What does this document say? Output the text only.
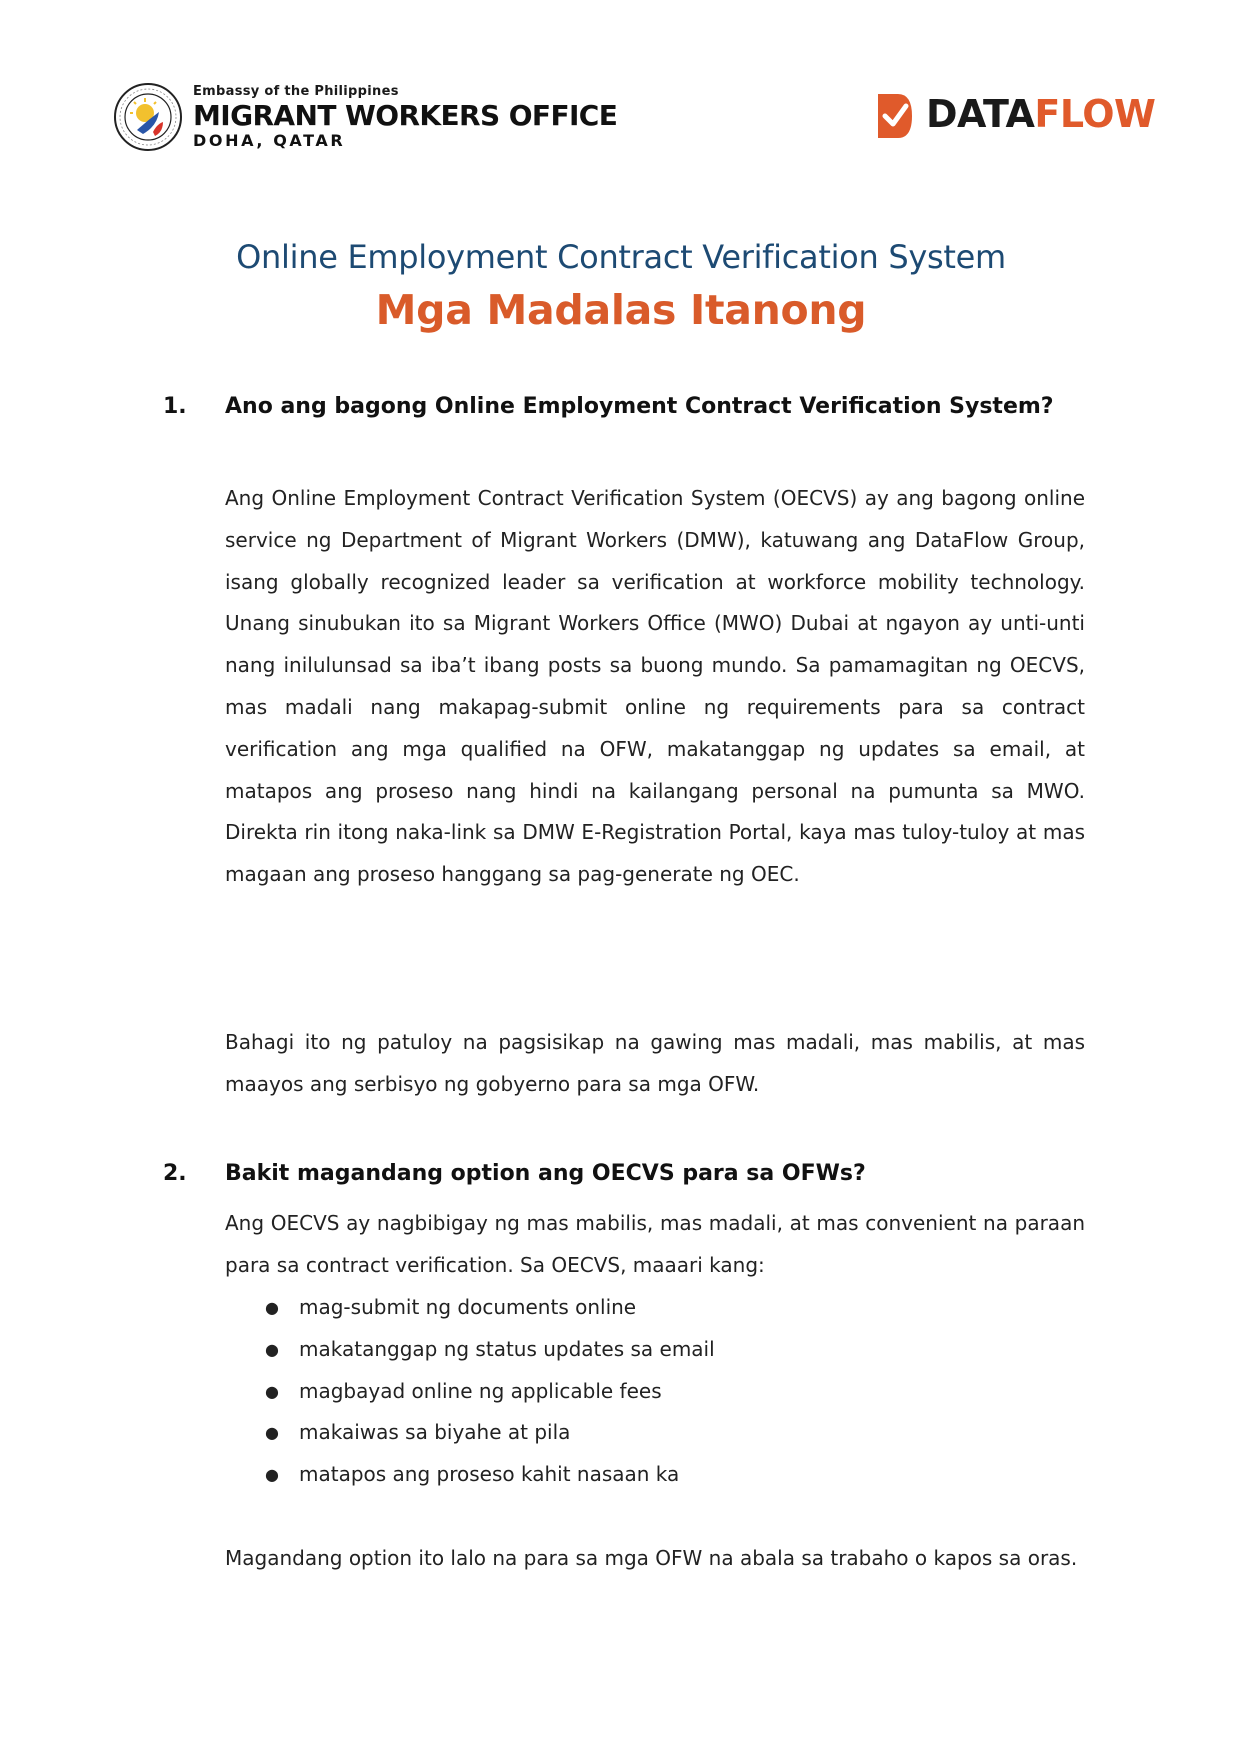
Embassy of the Philippines
MIGRANT WORKERS OFFICE
DOHA, QATAR
DATAFLOW
Online Employment Contract Verification System
Mga Madalas Itanong
1. Ano ang bagong Online Employment Contract Verification System?
Ang Online Employment Contract Verification System (OECVS) ay ang bagong online service ng Department of Migrant Workers (DMW), katuwang ang DataFlow Group, isang globally recognized leader sa verification at workforce mobility technology. Unang sinubukan ito sa Migrant Workers Office (MWO) Dubai at ngayon ay unti-unti nang inilulunsad sa iba’t ibang posts sa buong mundo. Sa pamamagitan ng OECVS, mas madali nang makapag-submit online ng requirements para sa contract verification ang mga qualified na OFW, makatanggap ng updates sa email, at matapos ang proseso nang hindi na kailangang personal na pumunta sa MWO. Direkta rin itong naka-link sa DMW E-Registration Portal, kaya mas tuloy-tuloy at mas magaan ang proseso hanggang sa pag-generate ng OEC.
Bahagi ito ng patuloy na pagsisikap na gawing mas madali, mas mabilis, at mas maayos ang serbisyo ng gobyerno para sa mga OFW.
2. Bakit magandang option ang OECVS para sa OFWs?
Ang OECVS ay nagbibigay ng mas mabilis, mas madali, at mas convenient na paraan para sa contract verification. Sa OECVS, maaari kang:
● mag-submit ng documents online
● makatanggap ng status updates sa email
● magbayad online ng applicable fees
● makaiwas sa biyahe at pila
● matapos ang proseso kahit nasaan ka
Magandang option ito lalo na para sa mga OFW na abala sa trabaho o kapos sa oras.
